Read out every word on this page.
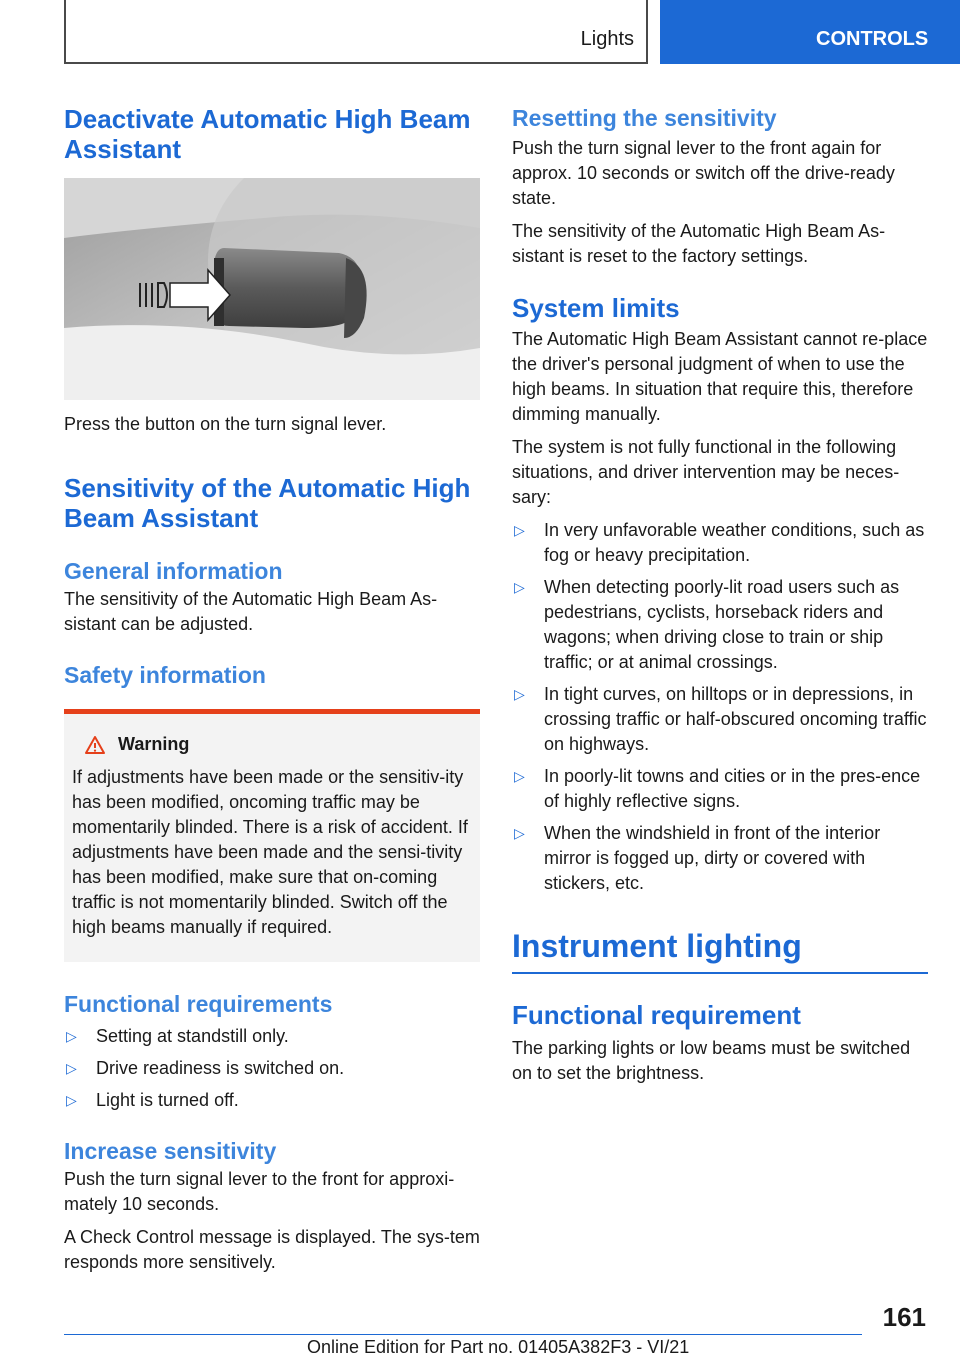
Lights	CONTROLS
Deactivate Automatic High Beam Assistant

Press the button on the turn signal lever.

Sensitivity of the Automatic High Beam Assistant
General information

The sensitivity of the Automatic High Beam As-sistant can be adjusted.

Safety information
Warning

If adjustments have been made or the sensitiv-ity has been modified, oncoming traffic may be momentarily blinded. There is a risk of accident. If adjustments have been made and the sensi-tivity has been modified, make sure that on-coming traffic is not momentarily blinded. Switch off the high beams manually if required.

Functional requirements
▷	Setting at standstill only.
▷	Drive readiness is switched on.
▷	Light is turned off.
Increase sensitivity

Push the turn signal lever to the front for approxi-mately 10 seconds.

A Check Control message is displayed. The sys-tem responds more sensitively.

Resetting the sensitivity

Push the turn signal lever to the front again for approx. 10 seconds or switch off the drive-ready state.

The sensitivity of the Automatic High Beam As-sistant is reset to the factory settings.

System limits

The Automatic High Beam Assistant cannot re-place the driver's personal judgment of when to use the high beams. In situation that require this, therefore dimming manually.

The system is not fully functional in the following situations, and driver intervention may be neces-sary:

▷	In very unfavorable weather conditions, such as fog or heavy precipitation.
▷	When detecting poorly-lit road users such as pedestrians, cyclists, horseback riders and wagons; when driving close to train or ship traffic; or at animal crossings.
▷	In tight curves, on hilltops or in depressions, in crossing traffic or half-obscured oncoming traffic on highways.
▷	In poorly-lit towns and cities or in the pres-ence of highly reflective signs.
▷	When the windshield in front of the interior mirror is fogged up, dirty or covered with stickers, etc.
Instrument lighting
Functional requirement

The parking lights or low beams must be switched on to set the brightness.

161
Online Edition for Part no. 01405A382F3 - VI/21
